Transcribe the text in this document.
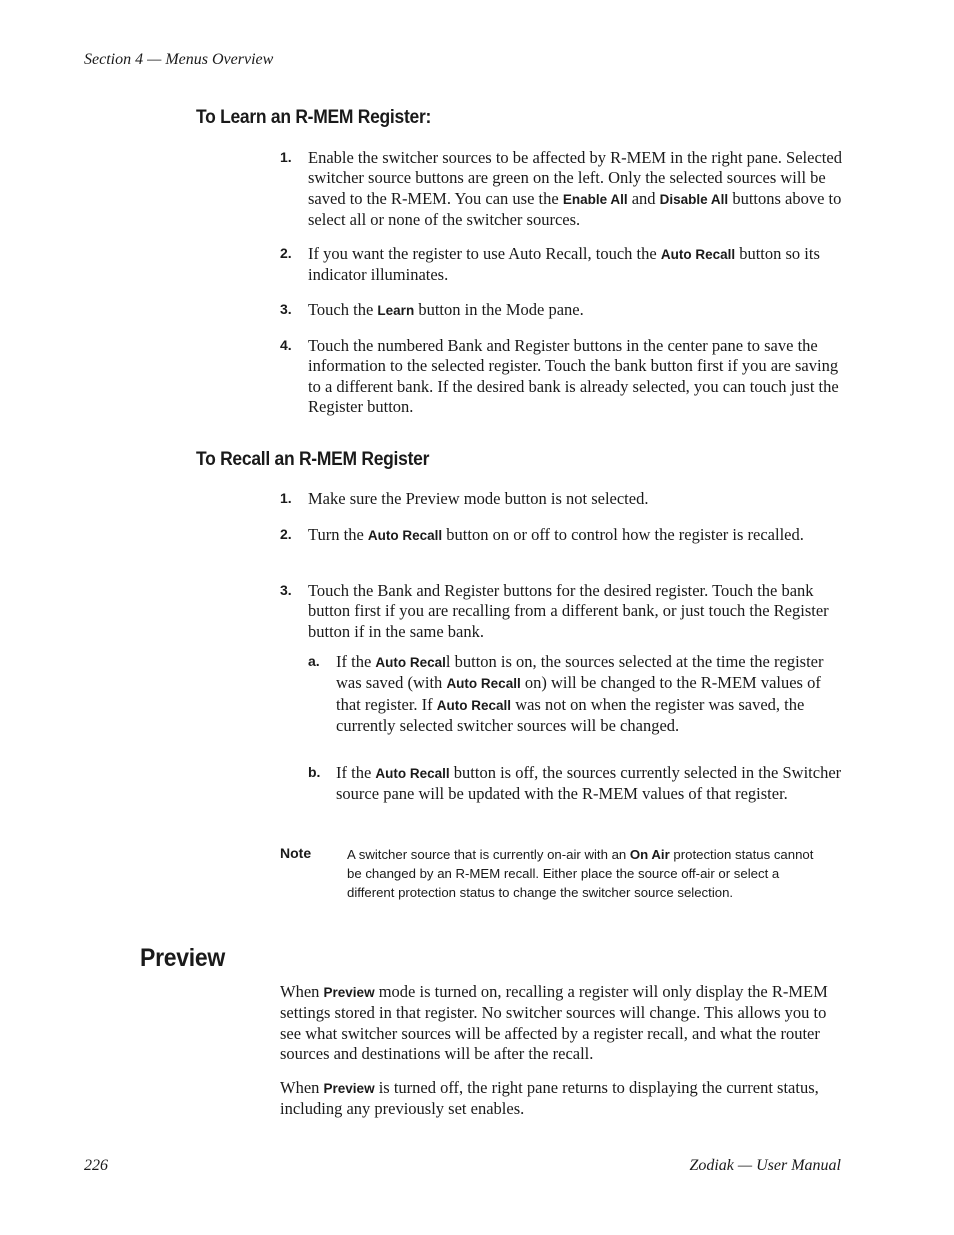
Section 4 — Menus Overview
To Learn an R-MEM Register:
1. Enable the switcher sources to be affected by R-MEM in the right pane. Selected switcher source buttons are green on the left. Only the selected sources will be saved to the R-MEM. You can use the Enable All and Disable All buttons above to select all or none of the switcher sources.
2. If you want the register to use Auto Recall, touch the Auto Recall button so its indicator illuminates.
3. Touch the Learn button in the Mode pane.
4. Touch the numbered Bank and Register buttons in the center pane to save the information to the selected register. Touch the bank button first if you are saving to a different bank. If the desired bank is already selected, you can touch just the Register button.
To Recall an R-MEM Register
1. Make sure the Preview mode button is not selected.
2. Turn the Auto Recall button on or off to control how the register is recalled.
3. Touch the Bank and Register buttons for the desired register. Touch the bank button first if you are recalling from a different bank, or just touch the Register button if in the same bank.
a. If the Auto Recall button is on, the sources selected at the time the register was saved (with Auto Recall on) will be changed to the R-MEM values of that register. If Auto Recall was not on when the register was saved, the currently selected switcher sources will be changed.
b. If the Auto Recall button is off, the sources currently selected in the Switcher source pane will be updated with the R-MEM values of that register.
Note	A switcher source that is currently on-air with an On Air protection status cannot be changed by an R-MEM recall. Either place the source off-air or select a different protection status to change the switcher source selection.
Preview
When Preview mode is turned on, recalling a register will only display the R-MEM settings stored in that register. No switcher sources will change. This allows you to see what switcher sources will be affected by a register recall, and what the router sources and destinations will be after the recall.
When Preview is turned off, the right pane returns to displaying the current status, including any previously set enables.
226	Zodiak — User Manual
